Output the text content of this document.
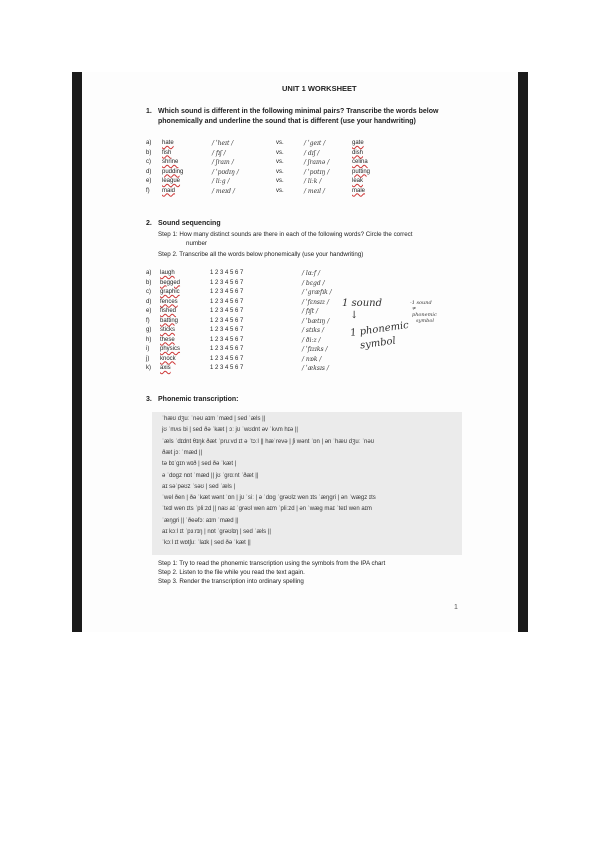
UNIT 1 WORKSHEET
1. Which sound is different in the following minimal pairs? Transcribe the words below
phonemically and underline the sound that is different (use your handwriting)
a) hate	/ ˈheɪt /	vs.	/ ˈgeɪt /	gate
b) fish	/ fɪʃ /	vs.	/ dɪʃ /	dish
c) shrine	/ ʃraɪn /	vs.	/ ʃraɪnə /	celina
d) pudding	/ ˈpʊdɪŋ /	vs.	/ ˈpʊtɪŋ /	putting
e) league	/ liːg /	vs.	/ liːk /	leak
f) maid	/ meɪd /	vs.	/ meɪl /	male
2. Sound sequencing
Step 1: How many distinct sounds are there in each of the following words? Circle the correct
number
Step 2. Transcribe all the words below phonemically (use your handwriting)
a) laugh	1 2 3 4 5 6 7	/ lɑːf /
b) begged	1 2 3 4 5 6 7	/ bɛgd /
c) graphic	1 2 3 4 5 6 7	/ ˈgræfɪk /
d) fences	1 2 3 4 5 6 7	/ ˈfɛnsɪz /
e) fished	1 2 3 4 5 6 7	/ fɪʃt /
f) batting	1 2 3 4 5 6 7	/ ˈbætɪŋ /
g) sticks	1 2 3 4 5 6 7	/ stɪks /
h) these	1 2 3 4 5 6 7	/ ðiːz /
i) physics	1 2 3 4 5 6 7	/ ˈfɪzɪks /
j) knock	1 2 3 4 5 6 7	/ nɒk /
k) axis	1 2 3 4 5 6 7	/ ˈæksɪs /
1 sound
↓
1 phonemic
symbol
-1 sound
≠
phonemic
symbol
3. Phonemic transcription:
ˈhæʊ dʒuː ˈnəʊ aɪm ˈmæd | sed ˈæls ||
jʊ ˈmʌs bi | sed ðə ˈkæt | ɔː jʊ ˈwʊdnt əv ˈkʌm hɪə ||
ˈæls ˈdɪdnt θɪŋk ðæt ˈpruːvd ɪt ə ˈtɔːl || hæˈrevə | ʃi wənt ˈɒn | ən ˈhæʊ dʒuː ˈnəʊ
ðæt jɔː ˈmæd ||
tə bɪˈgɪn wɪð | sed ðə ˈkæt |
ə ˈdɒgz nɒt ˈmæd || jʊ ˈgrɑːnt ˈðæt ||
aɪ səˈpəʊz ˈsəʊ | sed ˈæls |
ˈwel ðen | ðə ˈkæt wənt ˈɒn | jʊ ˈsiː | ə ˈdɒg ˈgrəʊlz wen ɪts ˈæŋgri | ən ˈwægz ɪts
ˈteɪl wen ɪts ˈpliːzd || naʊ aɪ ˈgrəʊl wen aɪm ˈpliːzd | ən ˈwæg maɪ ˈteɪl wen aɪm
ˈæŋgri || ˈðeəfɔː aɪm ˈmæd ||
aɪ kɔːl ɪt ˈpɜːrɪŋ | nɒt ˈgrəʊlɪŋ | sed ˈæls ||
ˈkɔːl ɪt wɒtʃuː ˈlaɪk | sed ðə ˈkæt ||
Step 1: Try to read the phonemic transcription using the symbols from the IPA chart
Step 2. Listen to the file while you read the text again.
Step 3. Render the transcription into ordinary spelling
1
